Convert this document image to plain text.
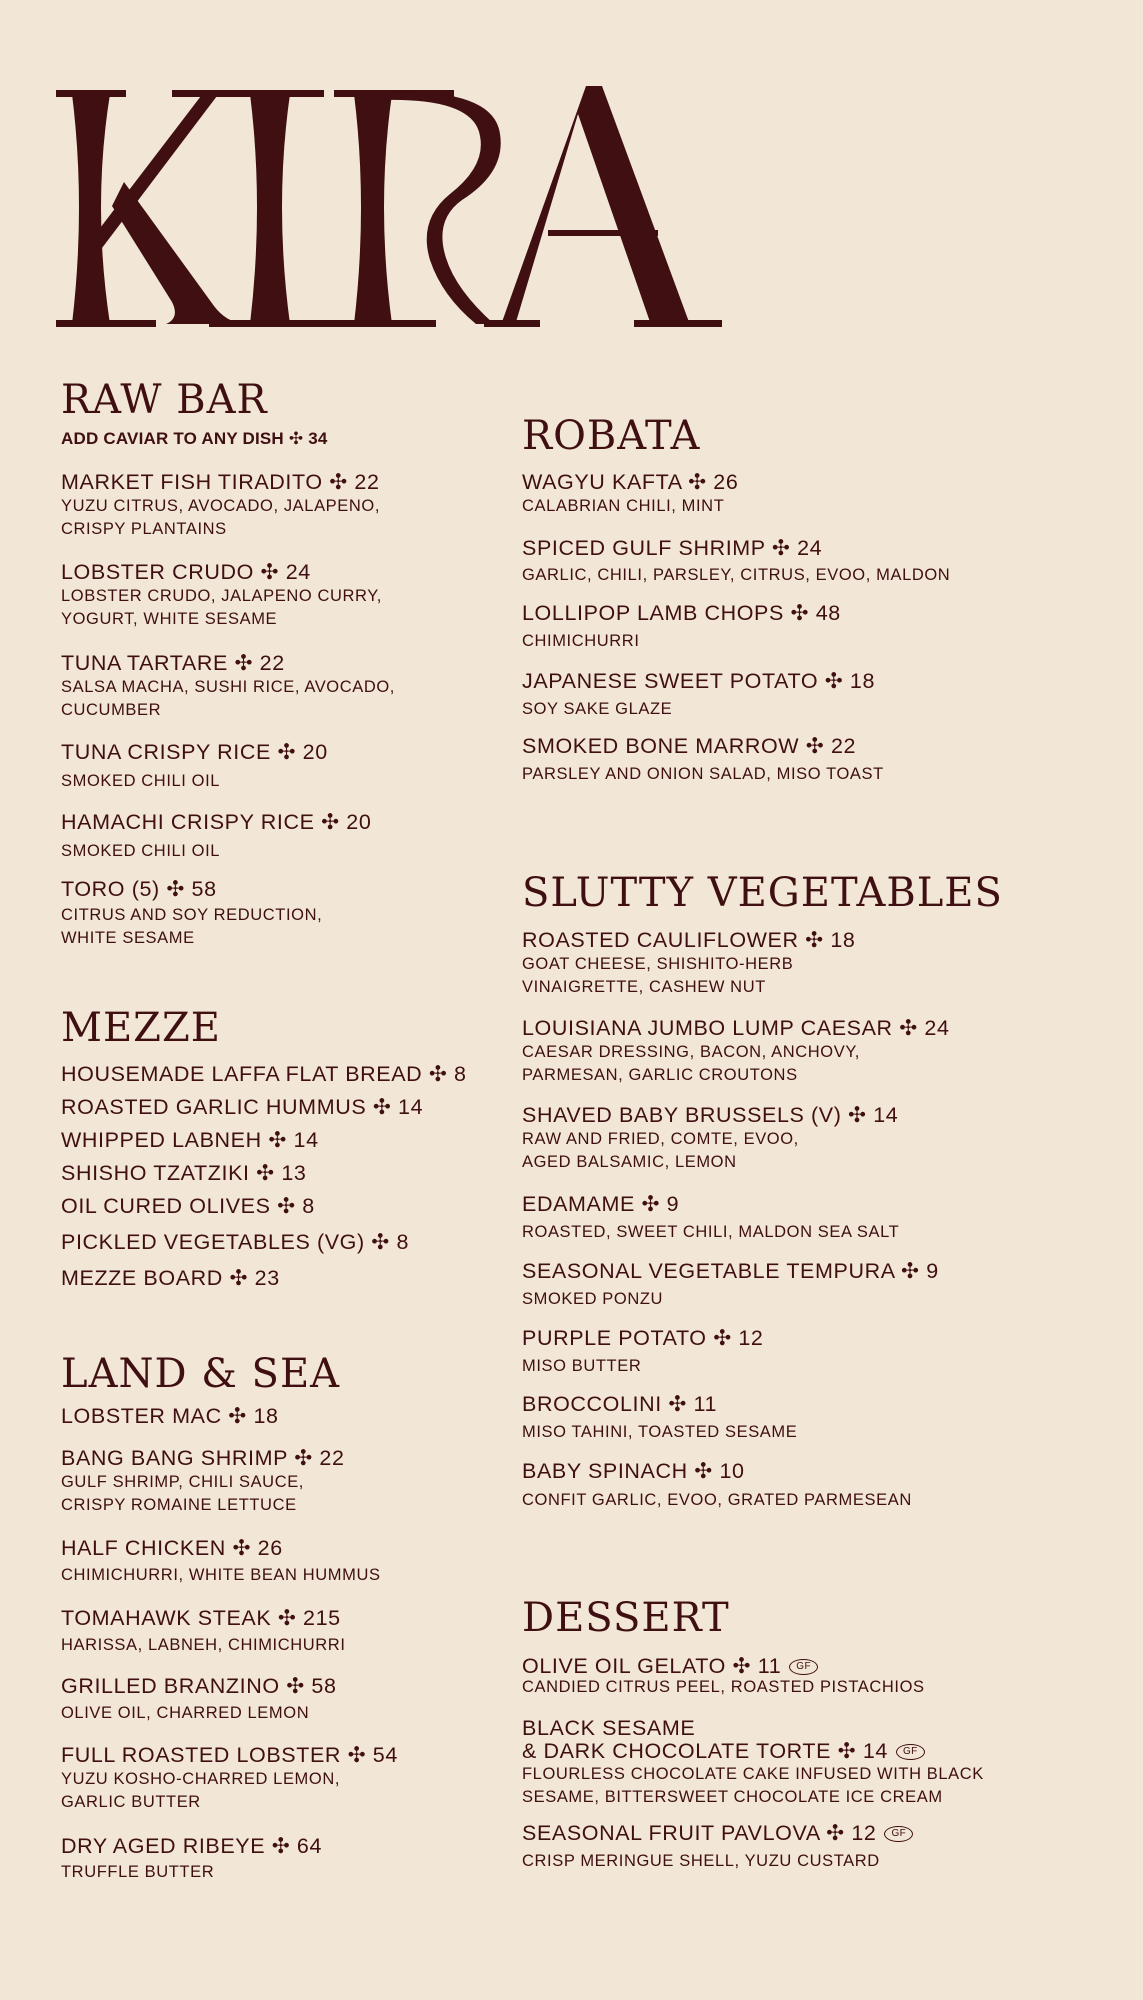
RAW BAR
ADD CAVIAR TO ANY DISH ✣ 34
MARKET FISH TIRADITO ✣ 22
YUZU CITRUS, AVOCADO, JALAPENO,
CRISPY PLANTAINS
LOBSTER CRUDO ✣ 24
LOBSTER CRUDO, JALAPENO CURRY,
YOGURT, WHITE SESAME
TUNA TARTARE ✣ 22
SALSA MACHA, SUSHI RICE, AVOCADO,
CUCUMBER
TUNA CRISPY RICE ✣ 20
SMOKED CHILI OIL
HAMACHI CRISPY RICE ✣ 20
SMOKED CHILI OIL
TORO (5) ✣ 58
CITRUS AND SOY REDUCTION,
WHITE SESAME
MEZZE
HOUSEMADE LAFFA FLAT BREAD ✣ 8
ROASTED GARLIC HUMMUS ✣ 14
WHIPPED LABNEH ✣ 14
SHISHO TZATZIKI ✣ 13
OIL CURED OLIVES ✣ 8
PICKLED VEGETABLES (VG) ✣ 8
MEZZE BOARD ✣ 23
LAND & SEA
LOBSTER MAC ✣ 18
BANG BANG SHRIMP ✣ 22
GULF SHRIMP, CHILI SAUCE,
CRISPY ROMAINE LETTUCE
HALF CHICKEN ✣ 26
CHIMICHURRI, WHITE BEAN HUMMUS
TOMAHAWK STEAK ✣ 215
HARISSA, LABNEH, CHIMICHURRI
GRILLED BRANZINO ✣ 58
OLIVE OIL, CHARRED LEMON
FULL ROASTED LOBSTER ✣ 54
YUZU KOSHO-CHARRED LEMON,
GARLIC BUTTER
DRY AGED RIBEYE ✣ 64
TRUFFLE BUTTER
ROBATA
WAGYU KAFTA ✣ 26
CALABRIAN CHILI, MINT
SPICED GULF SHRIMP ✣ 24
GARLIC, CHILI, PARSLEY, CITRUS, EVOO, MALDON
LOLLIPOP LAMB CHOPS ✣ 48
CHIMICHURRI
JAPANESE SWEET POTATO ✣ 18
SOY SAKE GLAZE
SMOKED BONE MARROW ✣ 22
PARSLEY AND ONION SALAD, MISO TOAST
SLUTTY VEGETABLES
ROASTED CAULIFLOWER ✣ 18
GOAT CHEESE, SHISHITO-HERB
VINAIGRETTE, CASHEW NUT
LOUISIANA JUMBO LUMP CAESAR ✣ 24
CAESAR DRESSING, BACON, ANCHOVY,
PARMESAN, GARLIC CROUTONS
SHAVED BABY BRUSSELS (V) ✣ 14
RAW AND FRIED, COMTE, EVOO,
AGED BALSAMIC, LEMON
EDAMAME ✣ 9
ROASTED, SWEET CHILI, MALDON SEA SALT
SEASONAL VEGETABLE TEMPURA ✣ 9
SMOKED PONZU
PURPLE POTATO ✣ 12
MISO BUTTER
BROCCOLINI ✣ 11
MISO TAHINI, TOASTED SESAME
BABY SPINACH ✣ 10
CONFIT GARLIC, EVOO, GRATED PARMESEAN
DESSERT
OLIVE OIL GELATO ✣ 11 GF
CANDIED CITRUS PEEL, ROASTED PISTACHIOS
BLACK SESAME
& DARK CHOCOLATE TORTE ✣ 14 GF
FLOURLESS CHOCOLATE CAKE INFUSED WITH BLACK
SESAME, BITTERSWEET CHOCOLATE ICE CREAM
SEASONAL FRUIT PAVLOVA ✣ 12 GF
CRISP MERINGUE SHELL, YUZU CUSTARD
